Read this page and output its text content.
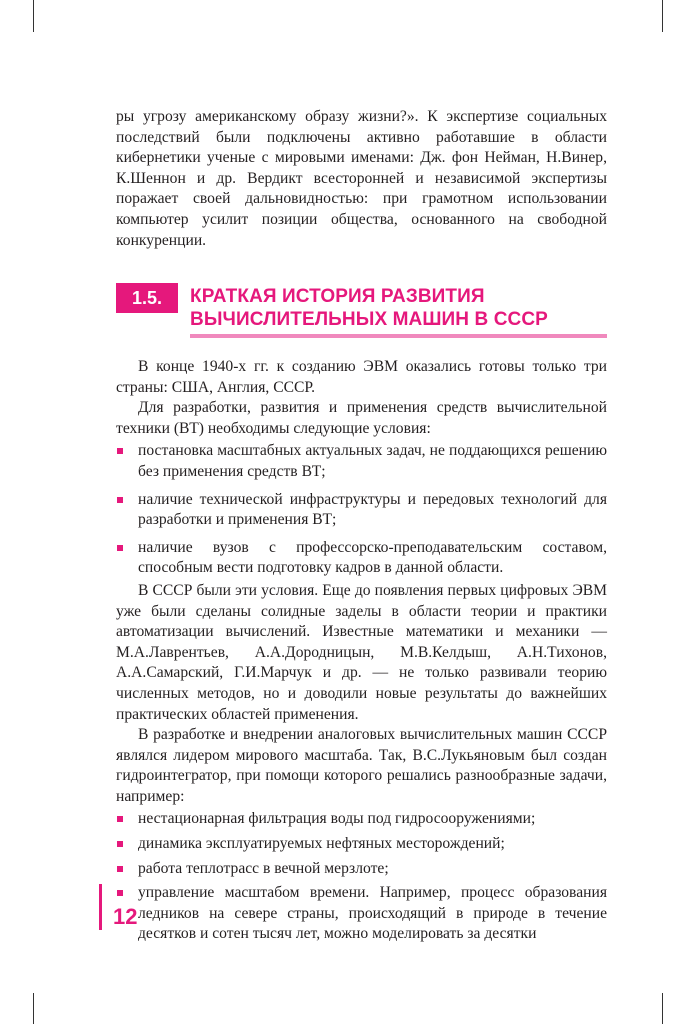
ры угрозу американскому образу жизни?». К экспертизе социальных последствий были подключены активно работавшие в области кибернетики ученые с мировыми именами: Дж. фон Нейман, Н.Винер, К.Шеннон и др. Вердикт всесторонней и независимой экспертизы поражает своей дальновидностью: при грамотном использовании компьютер усилит позиции общества, основанного на свободной конкуренции.

1.5.	КРАТКАЯ ИСТОРИЯ РАЗВИТИЯ ВЫЧИСЛИТЕЛЬНЫХ МАШИН В СССР

В конце 1940-х гг. к созданию ЭВМ оказались готовы только три страны: США, Англия, СССР.

Для разработки, развития и применения средств вычислительной техники (ВТ) необходимы следующие условия:

постановка масштабных актуальных задач, не поддающихся решению без применения средств ВТ;
наличие технической инфраструктуры и передовых технологий для разработки и применения ВТ;
наличие вузов с профессорско-преподавательским составом, способным вести подготовку кадров в данной области.

В СССР были эти условия. Еще до появления первых цифровых ЭВМ уже были сделаны солидные заделы в области теории и практики автоматизации вычислений. Известные математики и механики — М.А.Лаврентьев, А.А.Дородницын, М.В.Келдыш, А.Н.Тихонов, А.А.Самарский, Г.И.Марчук и др. — не только развивали теорию численных методов, но и доводили новые результаты до важнейших практических областей применения.

В разработке и внедрении аналоговых вычислительных машин СССР являлся лидером мирового масштаба. Так, В.С.Лукьяновым был создан гидроинтегратор, при помощи которого решались разнообразные задачи, например:

нестационарная фильтрация воды под гидросооружениями;
динамика эксплуатируемых нефтяных месторождений;
работа теплотрасс в вечной мерзлоте;
управление масштабом времени. Например, процесс образования ледников на севере страны, происходящий в природе в течение десятков и сотен тысяч лет, можно моделировать за десятки
12
